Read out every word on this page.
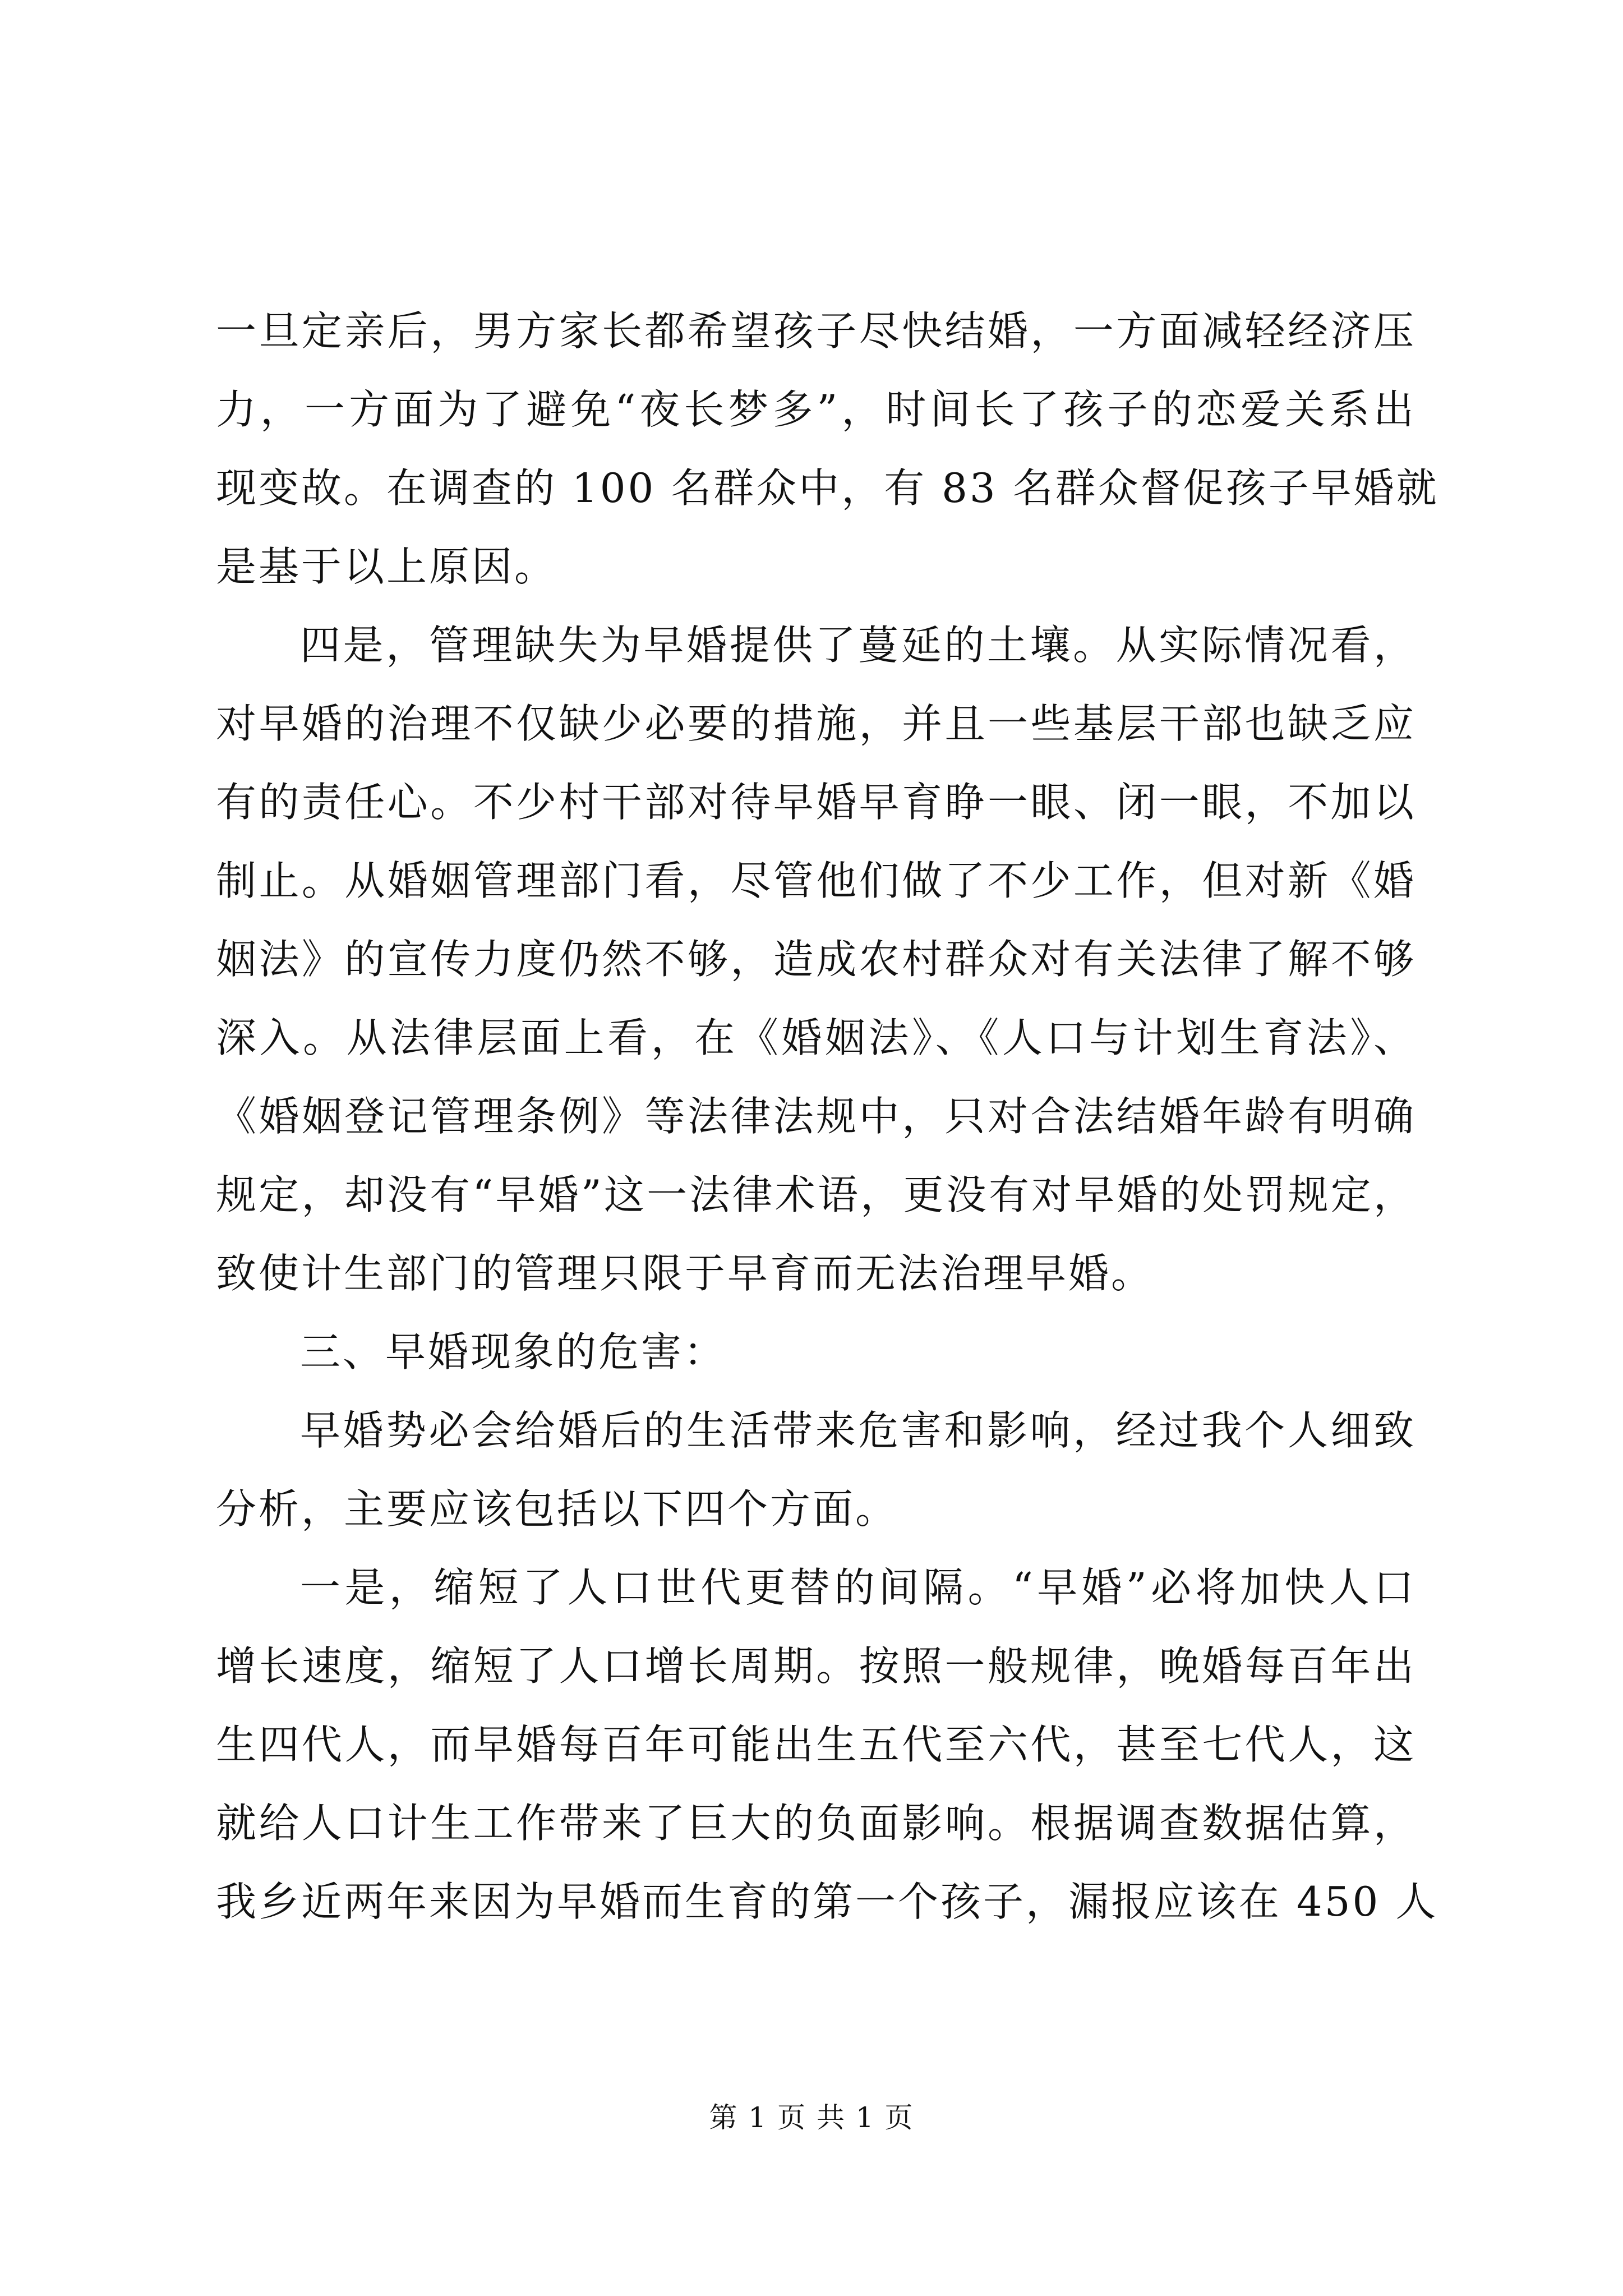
一旦定亲后，男方家长都希望孩子尽快结婚，一方面减轻经济压
力，一方面为了避免“夜长梦多”，时间长了孩子的恋爱关系出
现变故。在调查的 100 名群众中，有 83 名群众督促孩子早婚就
是基于以上原因。
四是，管理缺失为早婚提供了蔓延的土壤。从实际情况看，
对早婚的治理不仅缺少必要的措施，并且一些基层干部也缺乏应
有的责任心。不少村干部对待早婚早育睁一眼、闭一眼，不加以
制止。从婚姻管理部门看，尽管他们做了不少工作，但对新《婚
姻法》的宣传力度仍然不够，造成农村群众对有关法律了解不够
深入。从法律层面上看，在《婚姻法》、《人口与计划生育法》、
《婚姻登记管理条例》等法律法规中，只对合法结婚年龄有明确
规定，却没有“早婚”这一法律术语，更没有对早婚的处罚规定，
致使计生部门的管理只限于早育而无法治理早婚。
三、早婚现象的危害：
早婚势必会给婚后的生活带来危害和影响，经过我个人细致
分析，主要应该包括以下四个方面。
一是，缩短了人口世代更替的间隔。“早婚”必将加快人口
增长速度，缩短了人口增长周期。按照一般规律，晚婚每百年出
生四代人，而早婚每百年可能出生五代至六代，甚至七代人，这
就给人口计生工作带来了巨大的负面影响。根据调查数据估算，
我乡近两年来因为早婚而生育的第一个孩子，漏报应该在 450 人
第 1 页 共 1 页
